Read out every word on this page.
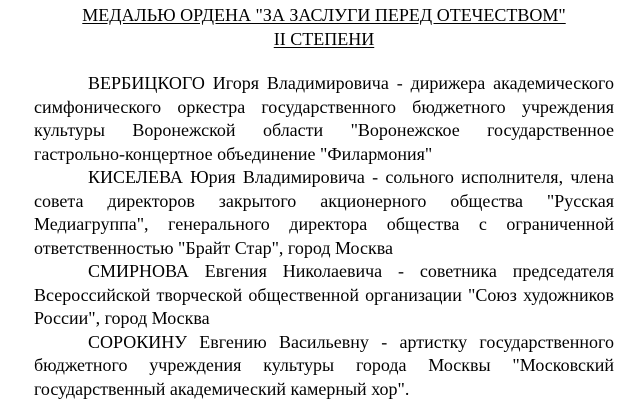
МЕДАЛЬЮ ОРДЕНА "ЗА ЗАСЛУГИ ПЕРЕД ОТЕЧЕСТВОМ"
II СТЕПЕНИ

ВЕРБИЦКОГО Игоря Владимировича - дирижера академического симфонического оркестра государственного бюджетного учреждения культуры Воронежской области "Воронежское государственное гастрольно-концертное объединение "Филармония"

КИСЕЛЕВА Юрия Владимировича - сольного исполнителя, члена совета директоров закрытого акционерного общества "Русская Медиагруппа", генерального директора общества с ограниченной ответственностью "Брайт Стар", город Москва

СМИРНОВА Евгения Николаевича - советника председателя Всероссийской творческой общественной организации "Союз художников России", город Москва

СОРОКИНУ Евгению Васильевну - артистку государственного бюджетного учреждения культуры города Москвы "Московский государственный академический камерный хор".
